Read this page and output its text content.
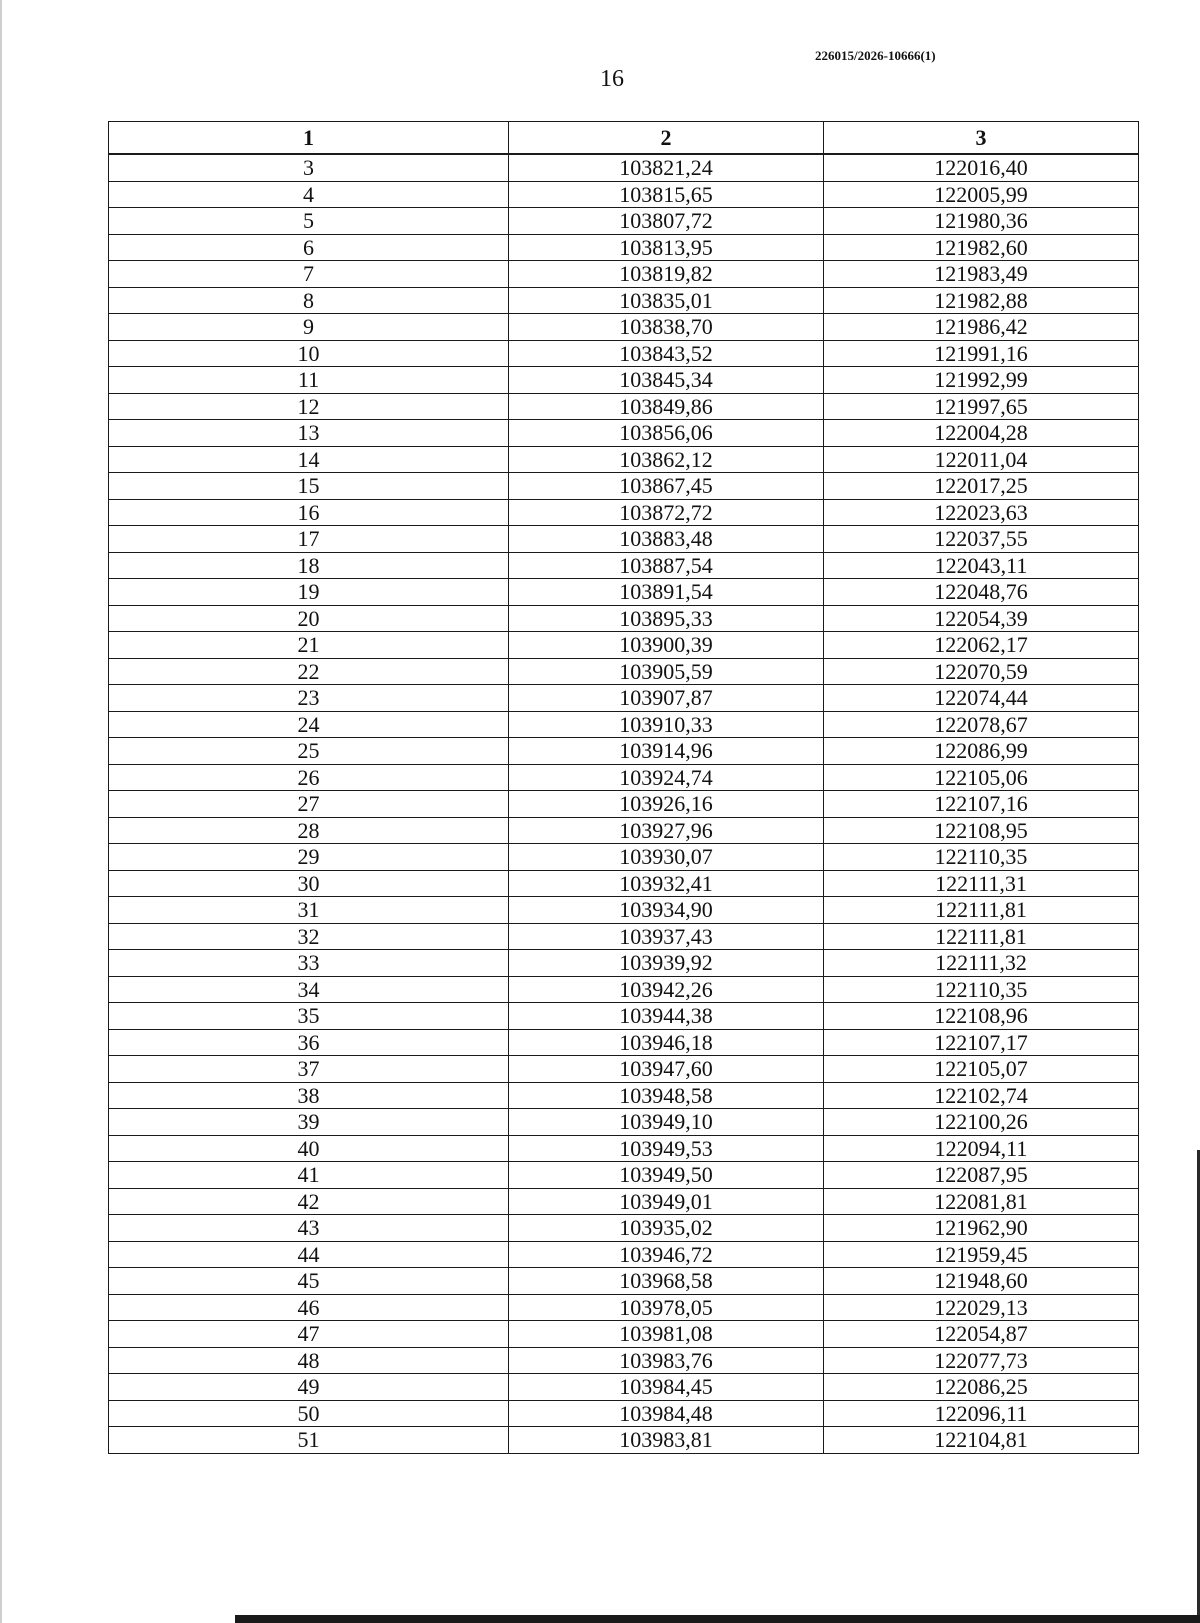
226015/2026-10666(1)
16
1	2	3
3	103821,24	122016,40
4	103815,65	122005,99
5	103807,72	121980,36
6	103813,95	121982,60
7	103819,82	121983,49
8	103835,01	121982,88
9	103838,70	121986,42
10	103843,52	121991,16
11	103845,34	121992,99
12	103849,86	121997,65
13	103856,06	122004,28
14	103862,12	122011,04
15	103867,45	122017,25
16	103872,72	122023,63
17	103883,48	122037,55
18	103887,54	122043,11
19	103891,54	122048,76
20	103895,33	122054,39
21	103900,39	122062,17
22	103905,59	122070,59
23	103907,87	122074,44
24	103910,33	122078,67
25	103914,96	122086,99
26	103924,74	122105,06
27	103926,16	122107,16
28	103927,96	122108,95
29	103930,07	122110,35
30	103932,41	122111,31
31	103934,90	122111,81
32	103937,43	122111,81
33	103939,92	122111,32
34	103942,26	122110,35
35	103944,38	122108,96
36	103946,18	122107,17
37	103947,60	122105,07
38	103948,58	122102,74
39	103949,10	122100,26
40	103949,53	122094,11
41	103949,50	122087,95
42	103949,01	122081,81
43	103935,02	121962,90
44	103946,72	121959,45
45	103968,58	121948,60
46	103978,05	122029,13
47	103981,08	122054,87
48	103983,76	122077,73
49	103984,45	122086,25
50	103984,48	122096,11
51	103983,81	122104,81
